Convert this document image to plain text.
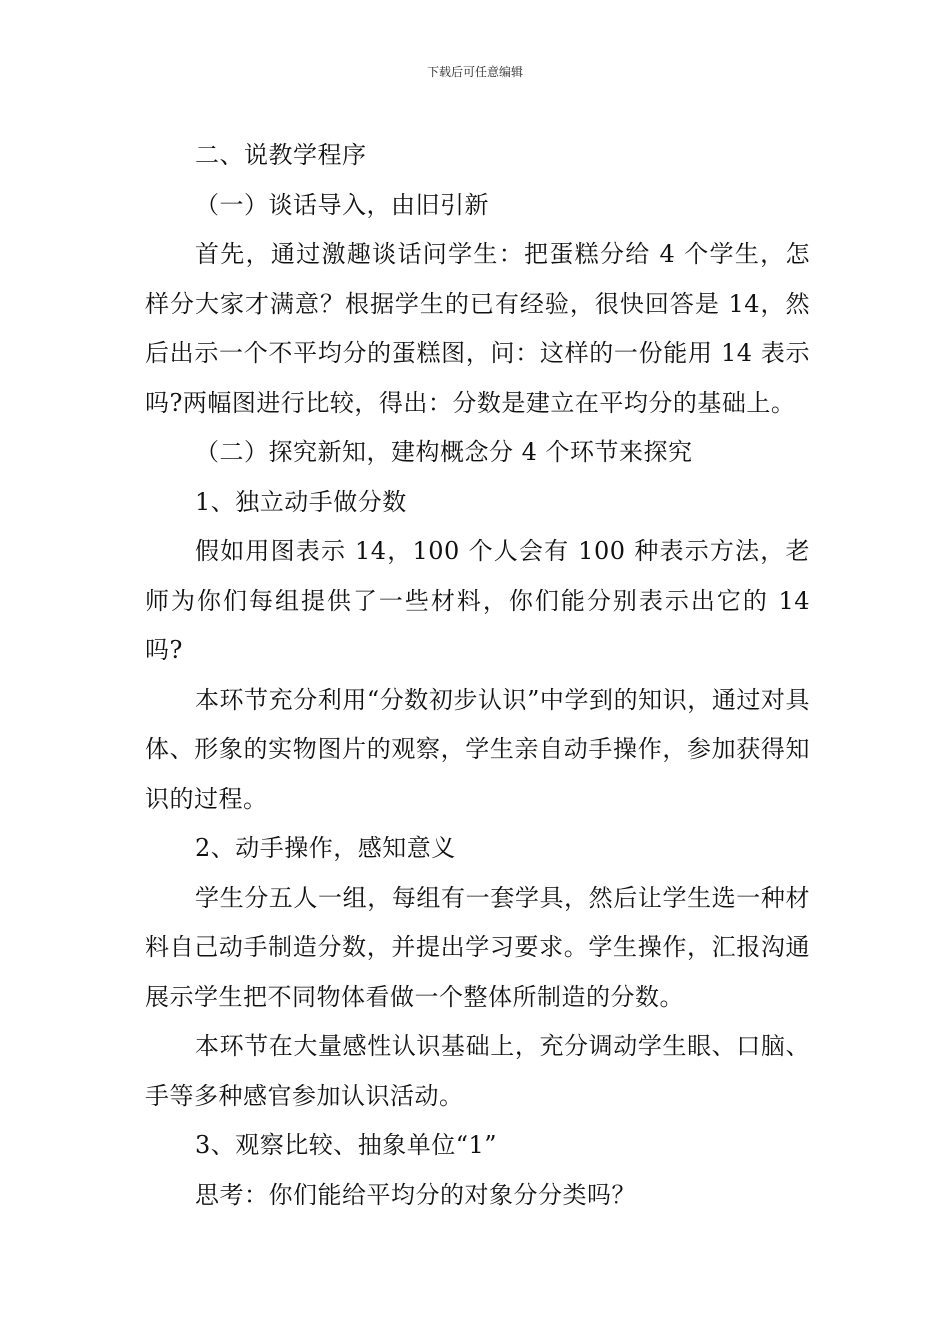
下载后可任意编辑

二、说教学程序

（一）谈话导入，由旧引新

首先，通过激趣谈话问学生：把蛋糕分给 4 个学生，怎样分大家才满意？根据学生的已有经验，很快回答是 14，然后出示一个不平均分的蛋糕图，问：这样的一份能用 14 表示吗?两幅图进行比较，得出：分数是建立在平均分的基础上。

（二）探究新知，建构概念分 4 个环节来探究

1、独立动手做分数

假如用图表示 14，100 个人会有 100 种表示方法，老师为你们每组提供了一些材料，你们能分别表示出它的 14 吗?

本环节充分利用“分数初步认识”中学到的知识，通过对具体、形象的实物图片的观察，学生亲自动手操作，参加获得知识的过程。

2、动手操作，感知意义

学生分五人一组，每组有一套学具，然后让学生选一种材料自己动手制造分数，并提出学习要求。学生操作，汇报沟通展示学生把不同物体看做一个整体所制造的分数。

本环节在大量感性认识基础上，充分调动学生眼、口脑、手等多种感官参加认识活动。

3、观察比较、抽象单位“1”

思考：你们能给平均分的对象分分类吗？
